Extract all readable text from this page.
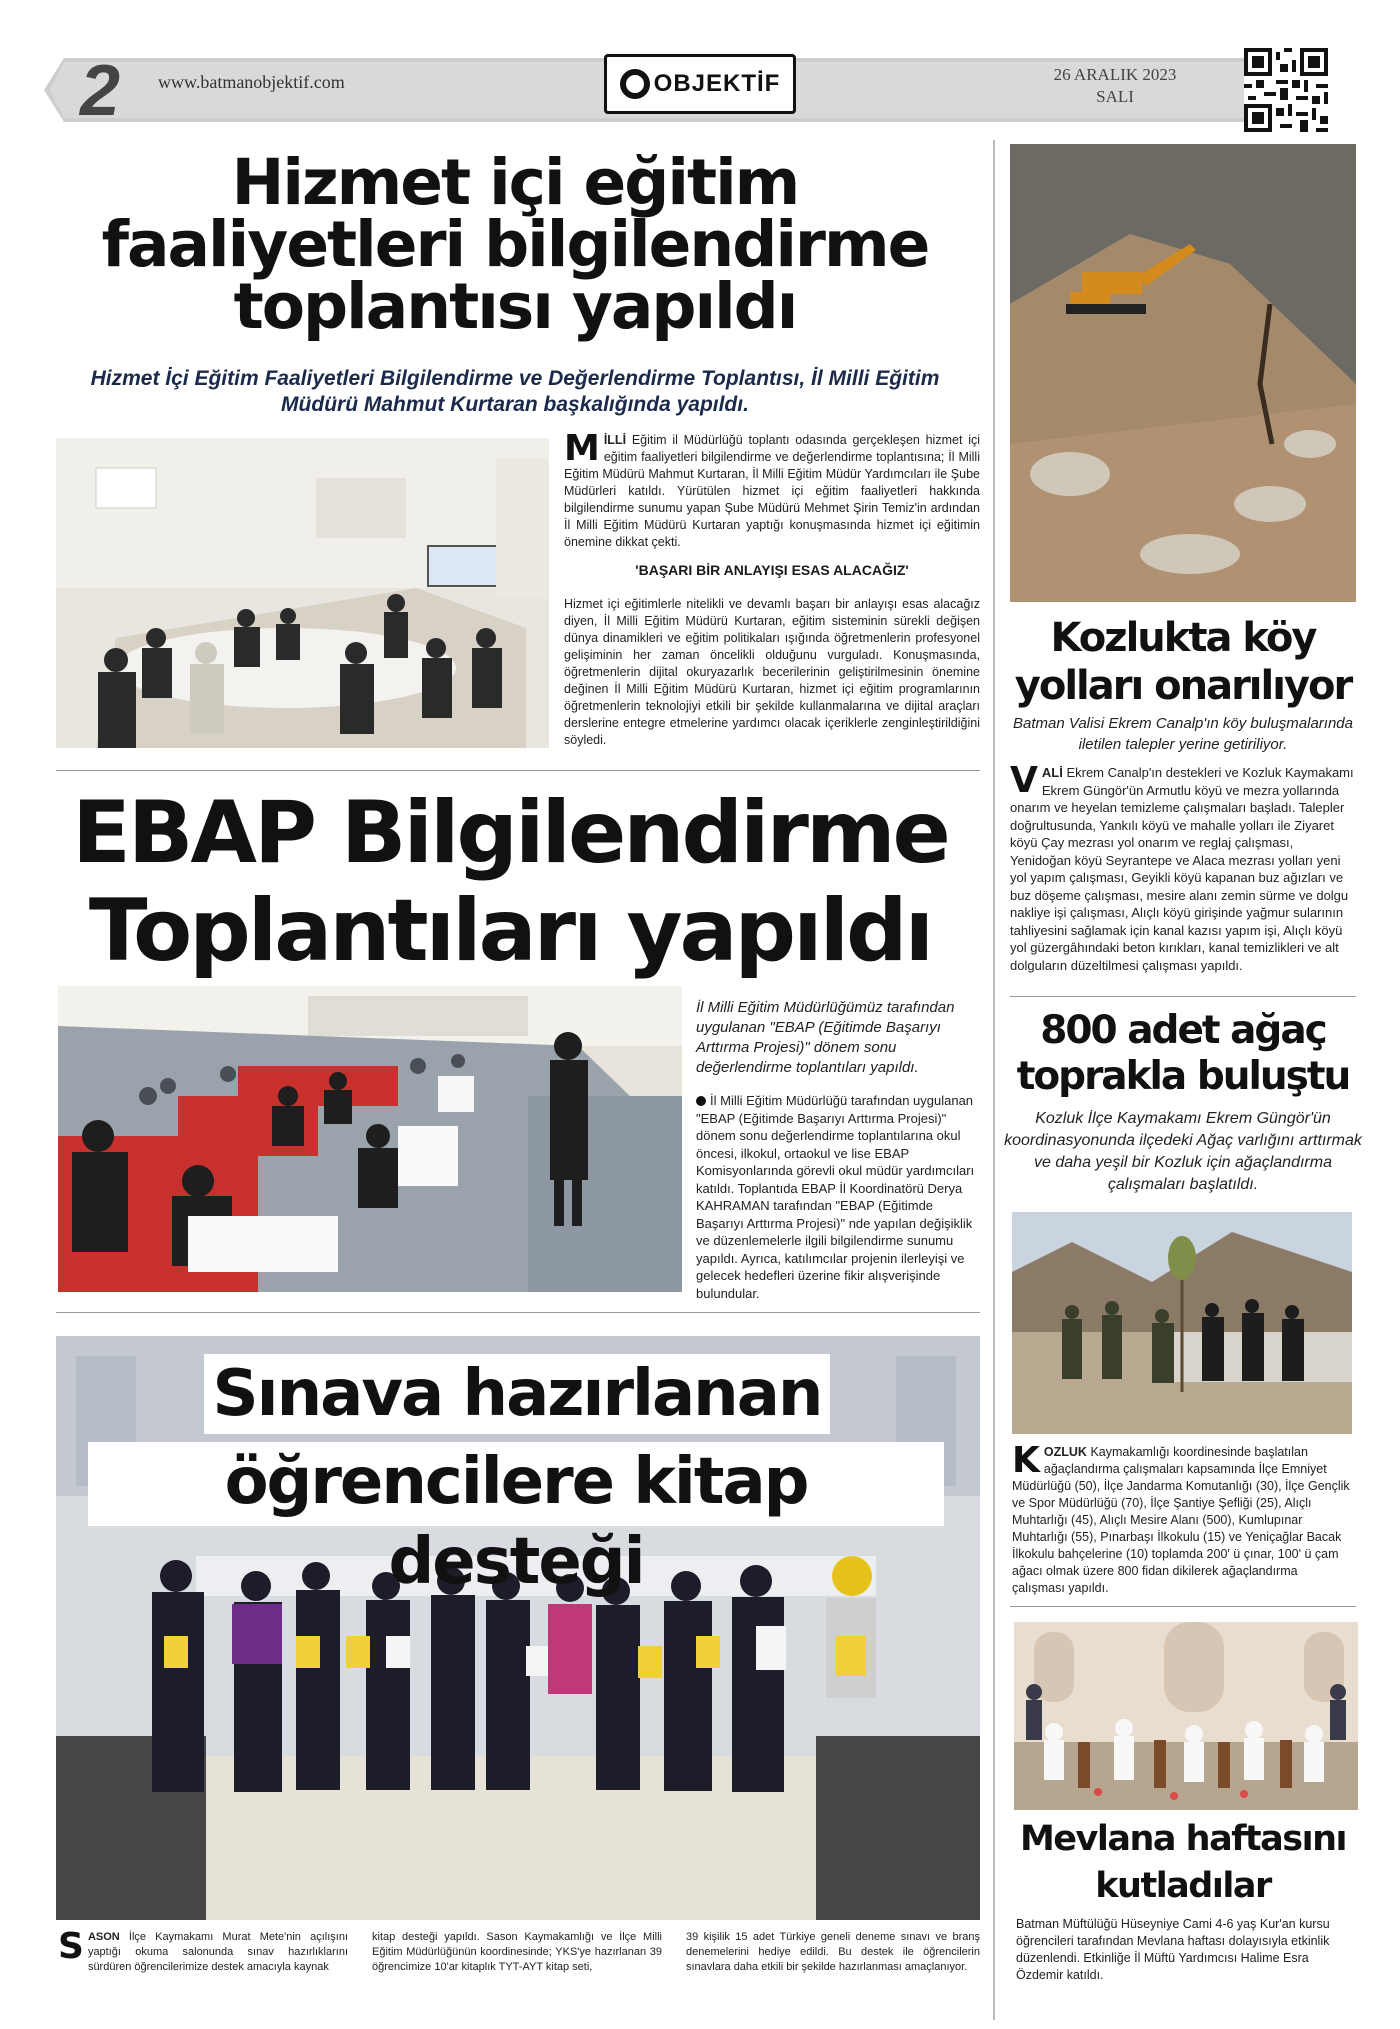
2 www.batmanobjektif.com	OBJEKTİF	26 ARALIK 2023
SALI
Hizmet içi eğitim faaliyetleri bilgilendirme toplantısı yapıldı
Hizmet İçi Eğitim Faaliyetleri Bilgilendirme ve Değerlendirme Toplantısı, İl Milli Eğitim Müdürü Mahmut Kurtaran başkalığında yapıldı.
MİLLİ Eğitim il Müdürlüğü toplantı odasında gerçekleşen hizmet içi eğitim faaliyetleri bilgilendirme ve değerlendirme toplantısına; İl Milli Eğitim Müdürü Mahmut Kurtaran, İl Milli Eğitim Müdür Yardımcıları ile Şube Müdürleri katıldı. Yürütülen hizmet içi eğitim faaliyetleri hakkında bilgilendirme sunumu yapan Şube Müdürü Mehmet Şirin Temiz'in ardından İl Milli Eğitim Müdürü Kurtaran yaptığı konuşmasında hizmet içi eğitimin önemine dikkat çekti.
'BAŞARI BİR ANLAYIŞI ESAS ALACAĞIZ'
Hizmet içi eğitimlerle nitelikli ve devamlı başarı bir anlayışı esas alacağız diyen, İl Milli Eğitim Müdürü Kurtaran, eğitim sisteminin sürekli değişen dünya dinamikleri ve eğitim politikaları ışığında öğretmenlerin profesyonel gelişiminin her zaman öncelikli olduğunu vurguladı. Konuşmasında, öğretmenlerin dijital okuryazarlık becerilerinin geliştirilmesinin önemine değinen İl Milli Eğitim Müdürü Kurtaran, hizmet içi eğitim programlarının öğretmenlerin teknolojiyi etkili bir şekilde kullanmalarına ve dijital araçları derslerine entegre etmelerine yardımcı olacak içeriklerle zenginleştirildiğini söyledi.
EBAP Bilgilendirme
Toplantıları yapıldı
İl Milli Eğitim Müdürlüğümüz tarafından uygulanan "EBAP (Eğitimde Başarıyı Arttırma Projesi)" dönem sonu değerlendirme toplantıları yapıldı.
İl Milli Eğitim Müdürlüğü tarafından uygulanan "EBAP (Eğitimde Başarıyı Arttırma Projesi)" dönem sonu değerlendirme toplantılarına okul öncesi, ilkokul, ortaokul ve lise EBAP Komisyonlarında görevli okul müdür yardımcıları katıldı. Toplantıda EBAP İl Koordinatörü Derya KAHRAMAN tarafından "EBAP (Eğitimde Başarıyı Arttırma Projesi)" nde yapılan değişiklik ve düzenlemelerle ilgili bilgilendirme sunumu yapıldı. Ayrıca, katılımcılar projenin ilerleyişi ve gelecek hedefleri üzerine fikir alışverişinde bulundular.
Sınava hazırlanan
öğrencilere kitap desteği
SASON İlçe Kaymakamı Murat Mete'nin açılışını yaptığı okuma salonunda sınav hazırlıklarını sürdüren öğrencilerimize destek amacıyla kaynak
kitap desteği yapıldı. Sason Kaymakamlığı ve İlçe Milli Eğitim Müdürlüğünün koordinesinde; YKS'ye hazırlanan 39 öğrencimize 10'ar kitaplık TYT-AYT kitap seti,
39 kişilik 15 adet Türkiye geneli deneme sınavı ve branş denemelerini hediye edildi. Bu destek ile öğrencilerin sınavlara daha etkili bir şekilde hazırlanması amaçlanıyor.
Kozlukta köy yolları onarılıyor
Batman Valisi Ekrem Canalp'ın köy buluşmalarında iletilen talepler yerine getiriliyor.
VALİ Ekrem Canalp'ın destekleri ve Kozluk Kaymakamı Ekrem Güngör'ün Armutlu köyü ve mezra yollarında onarım ve heyelan temizleme çalışmaları başladı. Talepler doğrultusunda, Yankılı köyü ve mahalle yolları ile Ziyaret köyü Çay mezrası yol onarım ve reglaj çalışması, Yenidoğan köyü Seyrantepe ve Alaca mezrası yolları yeni yol yapım çalışması, Geyikli köyü kapanan buz ağızları ve buz döşeme çalışması, mesire alanı zemin sürme ve dolgu nakliye işi çalışması, Alıçlı köyü girişinde yağmur sularının tahliyesini sağlamak için kanal kazısı yapım işi, Alıçlı köyü yol güzergâhındaki beton kırıkları, kanal temizlikleri ve alt dolguların düzeltilmesi çalışması yapıldı.
800 adet ağaç toprakla buluştu
Kozluk İlçe Kaymakamı Ekrem Güngör'ün koordinasyonunda ilçedeki Ağaç varlığını arttırmak ve daha yeşil bir Kozluk için ağaçlandırma çalışmaları başlatıldı.
KOZLUK Kaymakamlığı koordinesinde başlatılan ağaçlandırma çalışmaları kapsamında İlçe Emniyet Müdürlüğü (50), İlçe Jandarma Komutanlığı (30), İlçe Gençlik ve Spor Müdürlüğü (70), İlçe Şantiye Şefliği (25), Alıçlı Muhtarlığı (45), Alıçlı Mesire Alanı (500), Kumlupınar Muhtarlığı (55), Pınarbaşı İlkokulu (15) ve Yeniçağlar Bacak İlkokulu bahçelerine (10) toplamda 200' ü çınar, 100' ü çam ağacı olmak üzere 800 fidan dikilerek ağaçlandırma çalışması yapıldı.
Mevlana haftasını kutladılar
Batman Müftülüğü Hüseyniye Cami 4-6 yaş Kur'an kursu öğrencileri tarafından Mevlana haftası dolayısıyla etkinlik düzenlendi. Etkinliğe İl Müftü Yardımcısı Halime Esra Özdemir katıldı.
